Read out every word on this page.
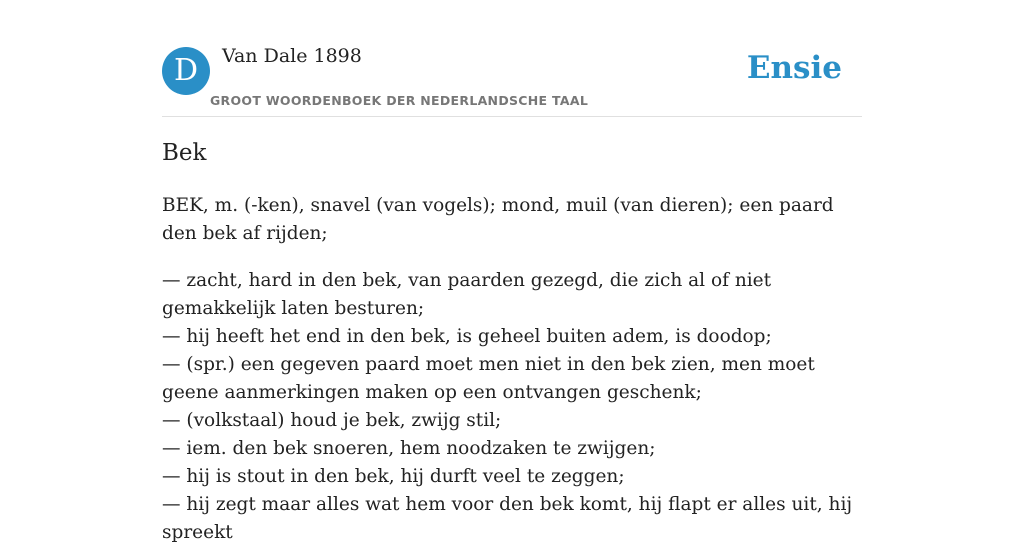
D	Van Dale 1898
GROOT WOORDENBOEK DER NEDERLANDSCHE TAAL
Ensie
Bek

BEK, m. (-ken), snavel (van vogels); mond, muil (van dieren); een paard den bek af rijden;

— zacht, hard in den bek, van paarden gezegd, die zich al of niet gemakkelijk laten besturen;

— hij heeft het end in den bek, is geheel buiten adem, is doodop;

— (spr.) een gegeven paard moet men niet in den bek zien, men moet geene aanmerkingen maken op een ontvangen geschenk;

— (volkstaal) houd je bek, zwijg stil;

— iem. den bek snoeren, hem noodzaken te zwijgen;

— hij is stout in den bek, hij durft veel te zeggen;

— hij zegt maar alles wat hem voor den bek komt, hij flapt er alles uit, hij spreekt
